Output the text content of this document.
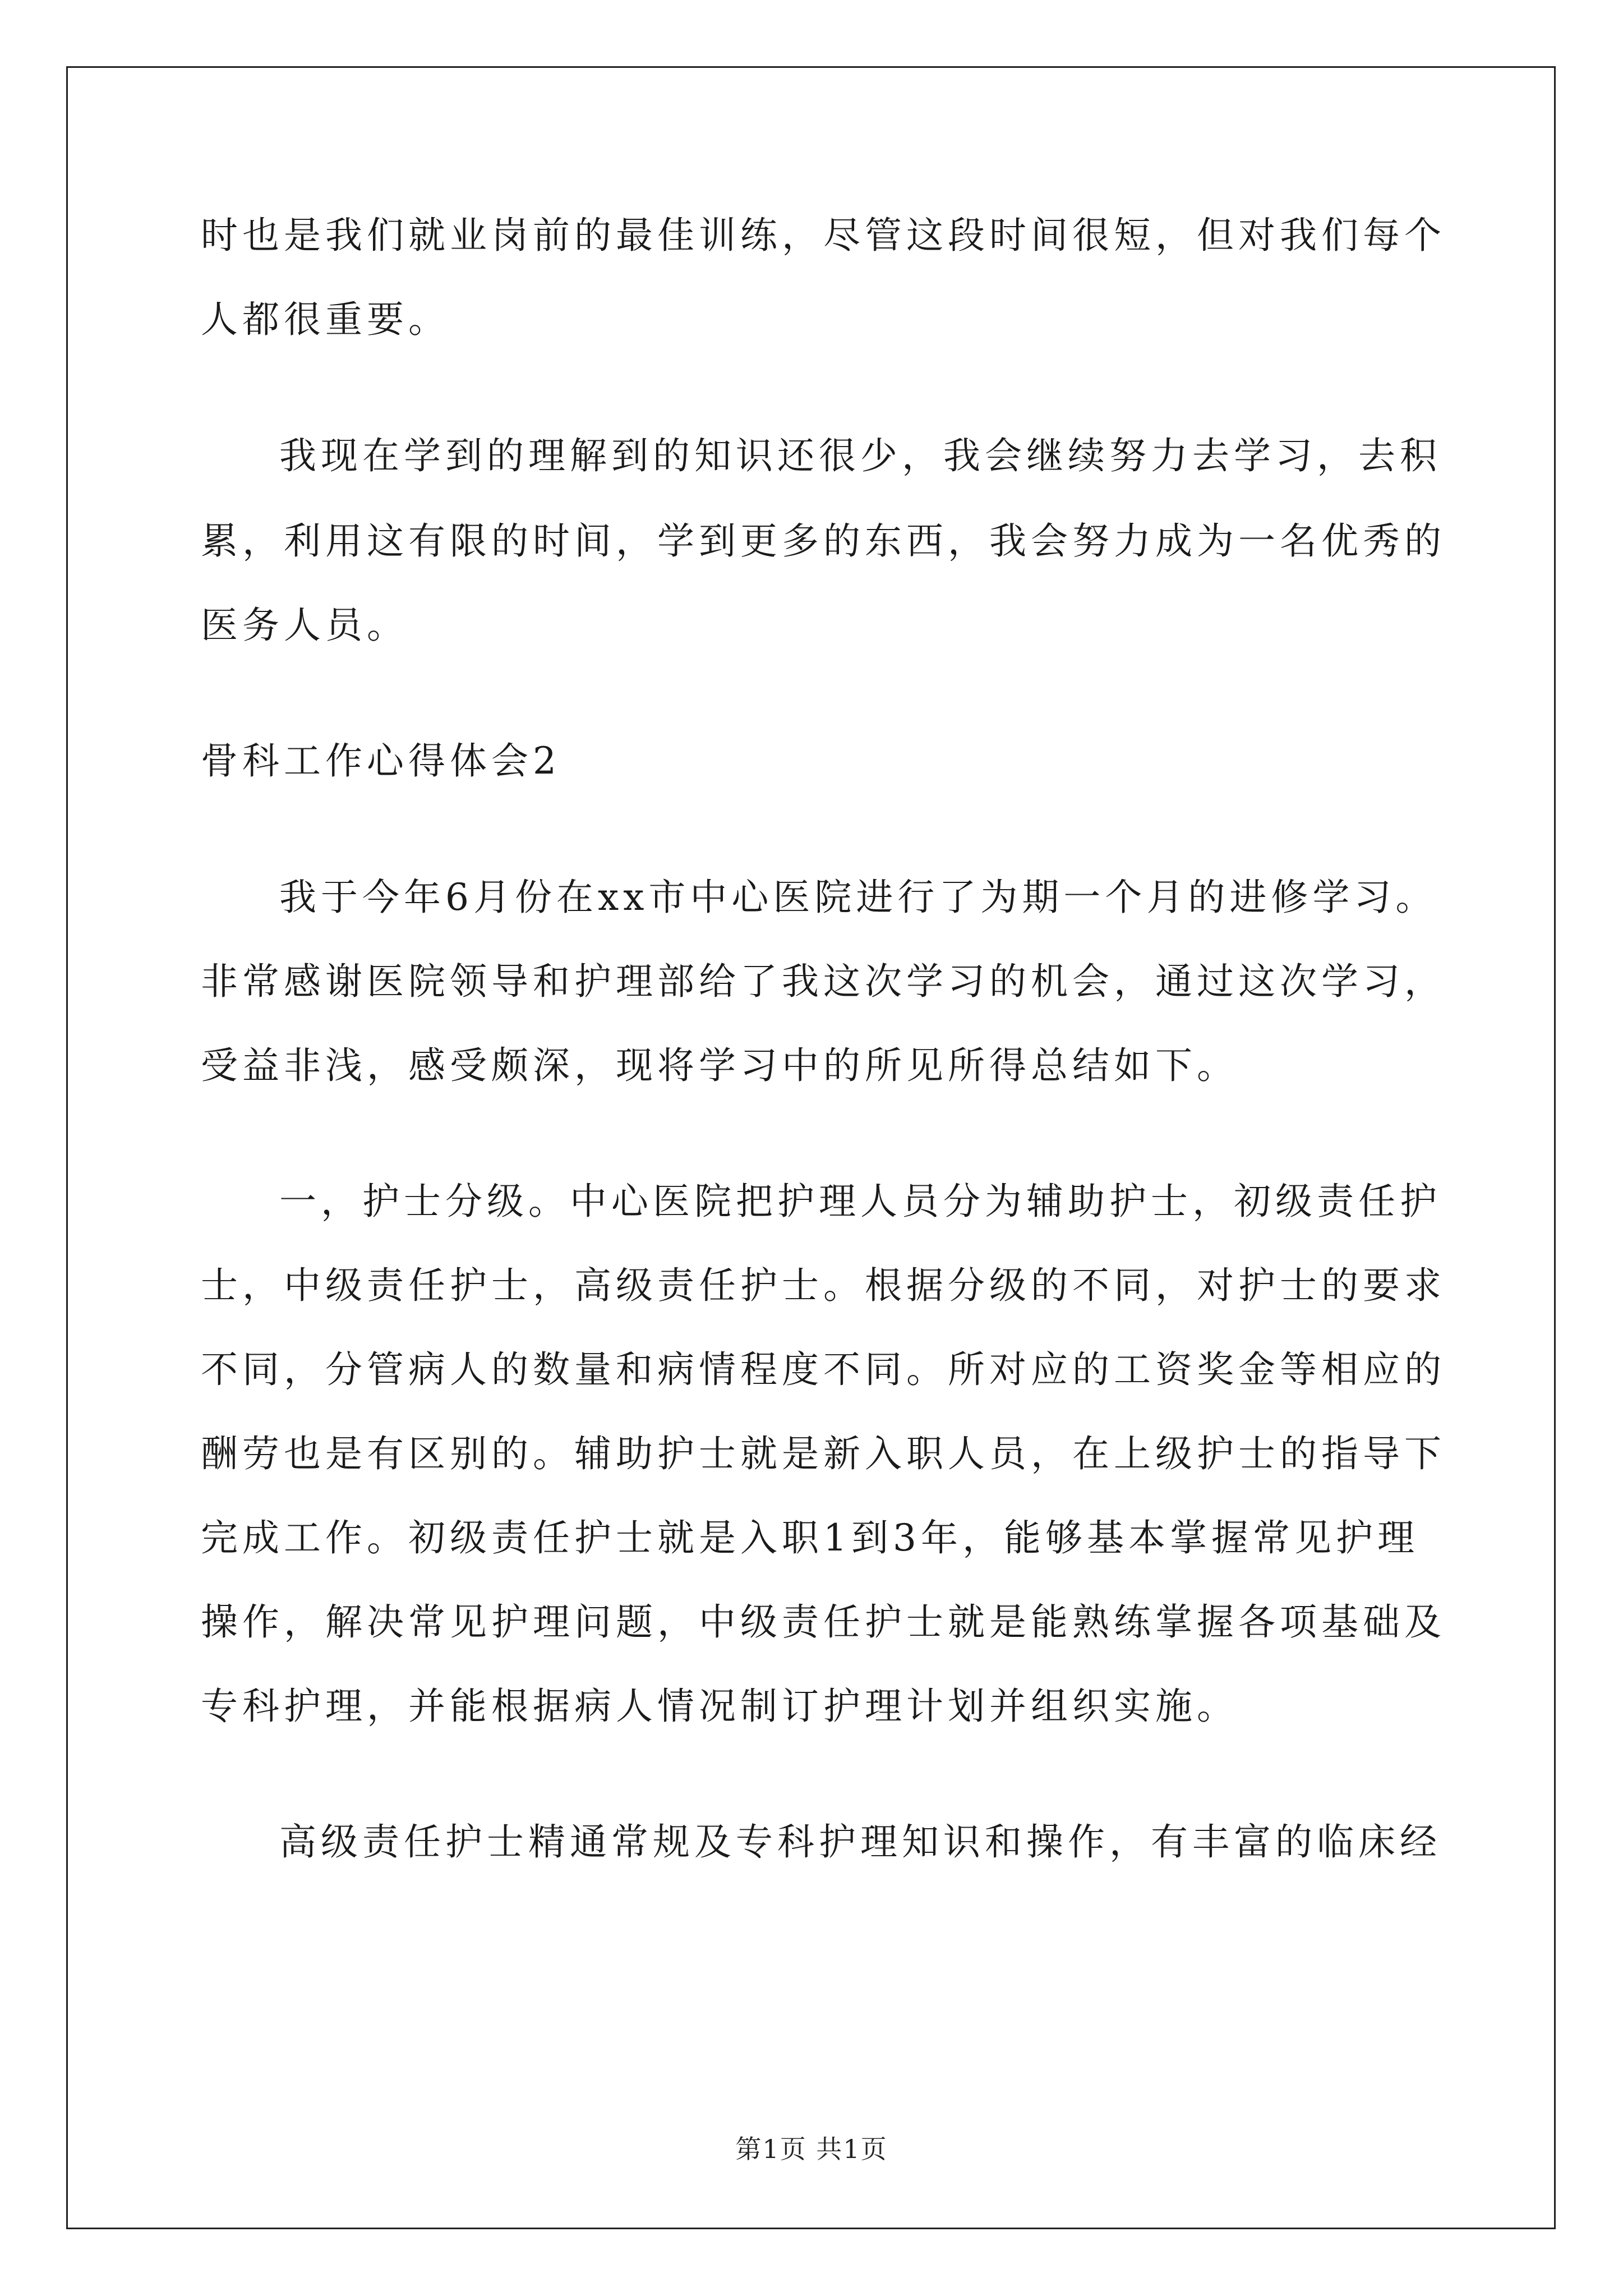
时也是我们就业岗前的最佳训练，尽管这段时间很短，但对我们每个
人都很重要。
我现在学到的理解到的知识还很少，我会继续努力去学习，去积
累，利用这有限的时间，学到更多的东西，我会努力成为一名优秀的
医务人员。
骨科工作心得体会2
我于今年6月份在xx市中心医院进行了为期一个月的进修学习。
非常感谢医院领导和护理部给了我这次学习的机会，通过这次学习，
受益非浅，感受颇深，现将学习中的所见所得总结如下。
一，护士分级。中心医院把护理人员分为辅助护士，初级责任护
士，中级责任护士，高级责任护士。根据分级的不同，对护士的要求
不同，分管病人的数量和病情程度不同。所对应的工资奖金等相应的
酬劳也是有区别的。辅助护士就是新入职人员，在上级护士的指导下
完成工作。初级责任护士就是入职1到3年，能够基本掌握常见护理
操作，解决常见护理问题，中级责任护士就是能熟练掌握各项基础及
专科护理，并能根据病人情况制订护理计划并组织实施。
高级责任护士精通常规及专科护理知识和操作，有丰富的临床经
第1页 共1页
